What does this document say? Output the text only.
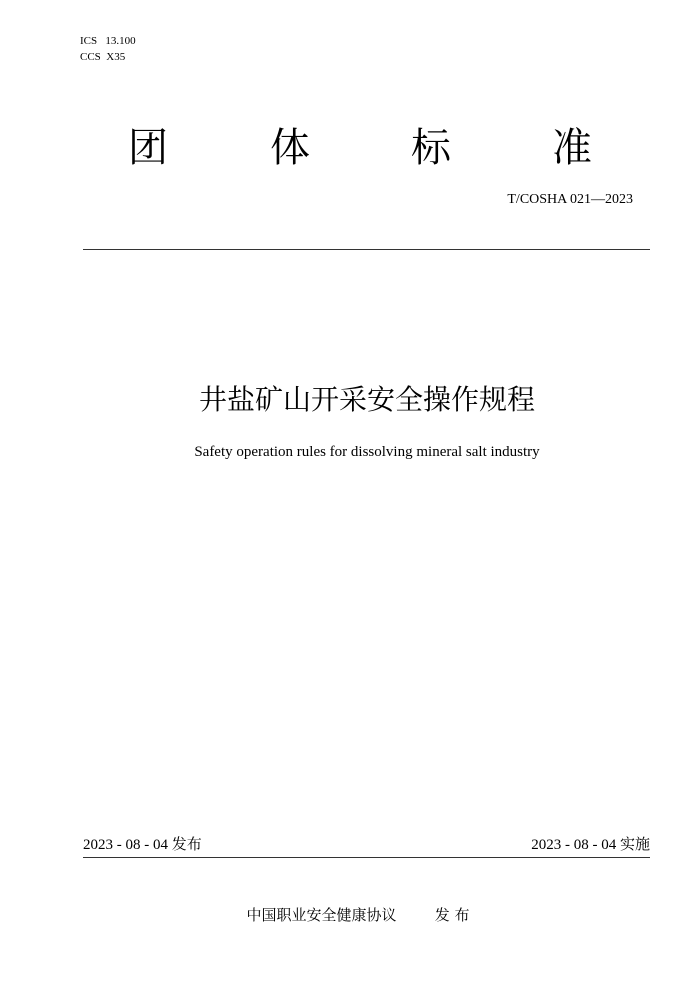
ICS   13.100
CCS  X35
团	体	标	准
T/COSHA 021—2023
井盐矿山开采安全操作规程
Safety operation rules for dissolving mineral salt industry
2023 - 08 - 04 发布	2023 - 08 - 04 实施
中国职业安全健康协议	发 布
